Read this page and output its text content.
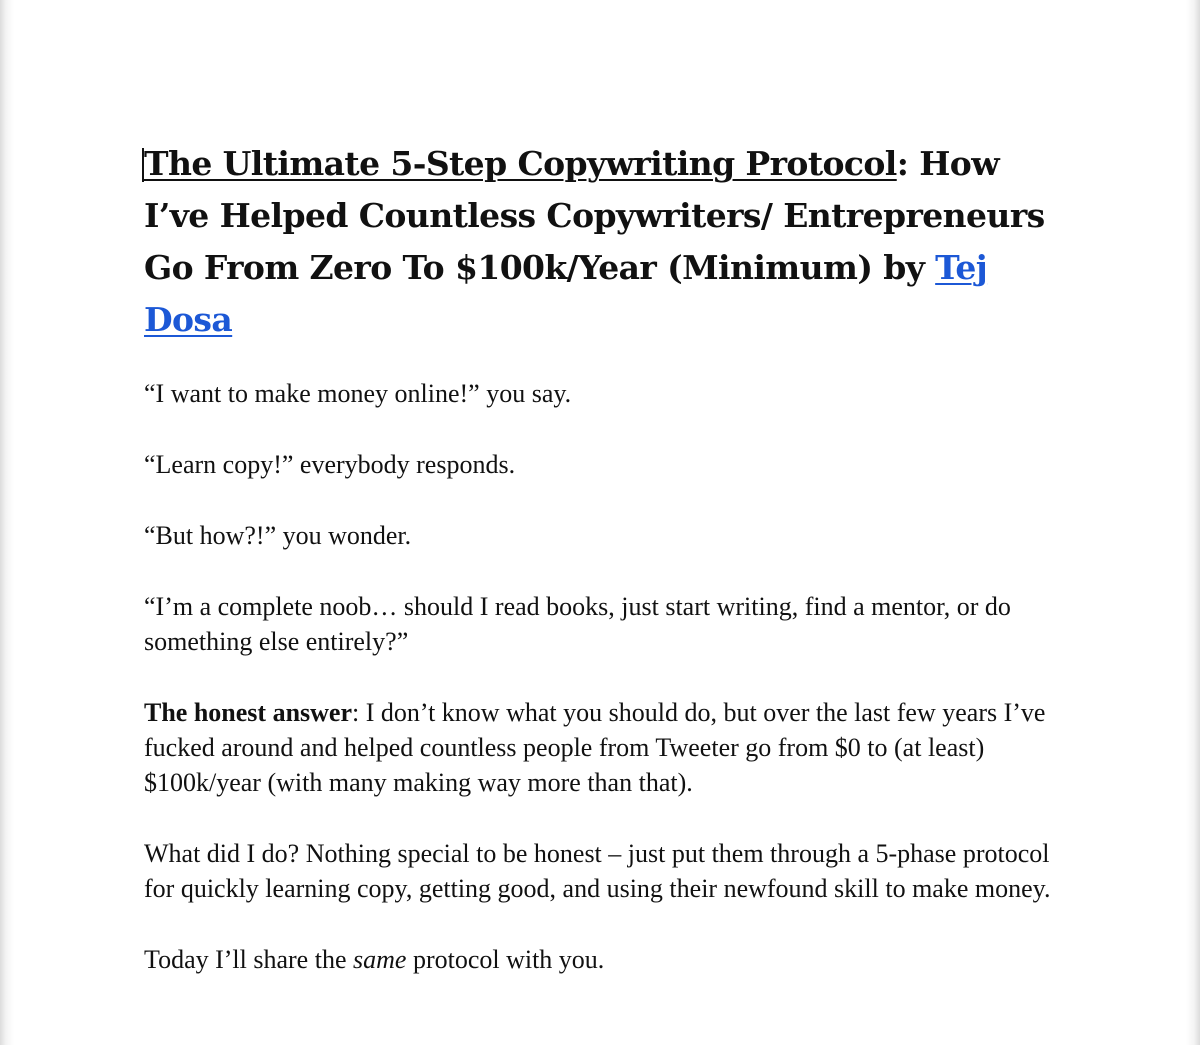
The Ultimate 5-Step Copywriting Protocol: How I’ve Helped Countless Copywriters/ Entrepreneurs Go From Zero To $100k/Year (Minimum) by Tej Dosa

“I want to make money online!” you say.

“Learn copy!” everybody responds.

“But how?!” you wonder.

“I’m a complete noob… should I read books, just start writing, find a mentor, or do something else entirely?”

The honest answer: I don’t know what you should do, but over the last few years I’ve fucked around and helped countless people from Tweeter go from $0 to (at least) $100k/year (with many making way more than that).

What did I do? Nothing special to be honest – just put them through a 5-phase protocol for quickly learning copy, getting good, and using their newfound skill to make money.

Today I’ll share the same protocol with you.
